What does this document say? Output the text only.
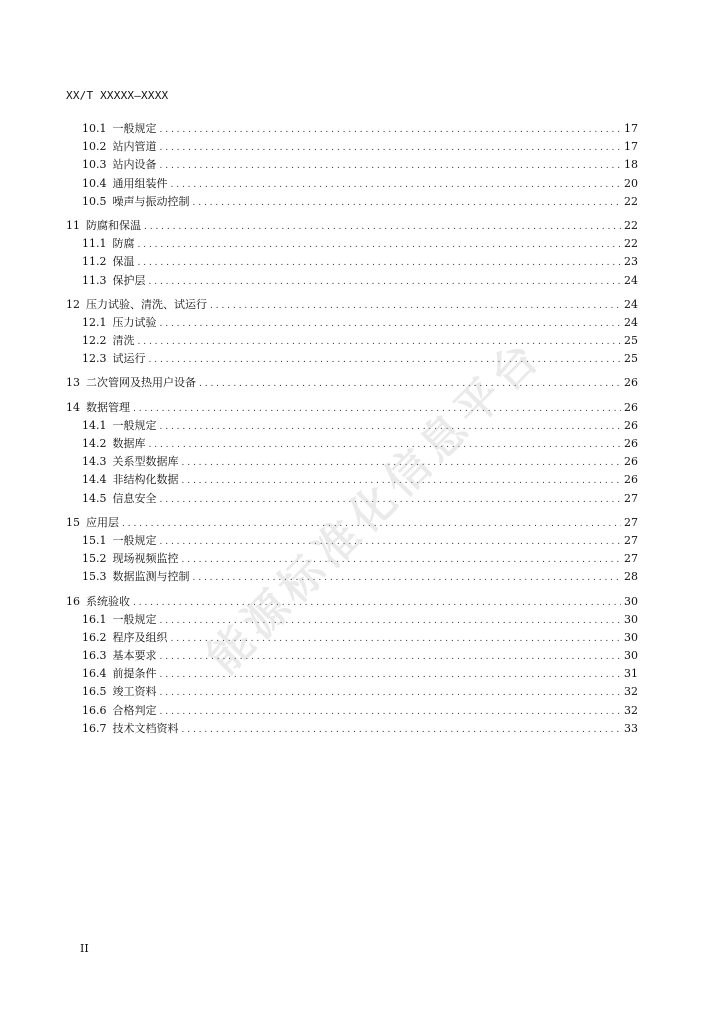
XX/T XXXXX—XXXX
10.1 一般规定 . . .	17
10.2 站内管道 . . .	17
10.3 站内设备 . . .	18
10.4 通用组装件 . . .	20
10.5 噪声与振动控制 . . .	22
11 防腐和保温 . . .	22
11.1 防腐 . . .	22
11.2 保温 . . .	23
11.3 保护层 . . .	24
12 压力试验、清洗、试运行 . . .	24
12.1 压力试验 . . .	24
12.2 清洗 . . .	25
12.3 试运行 . . .	25
13 二次管网及热用户设备 . . .	26
14 数据管理 . . .	26
14.1 一般规定 . . .	26
14.2 数据库 . . .	26
14.3 关系型数据库 . . .	26
14.4 非结构化数据 . . .	26
14.5 信息安全 . . .	27
15 应用层 . . .	27
15.1 一般规定 . . .	27
15.2 现场视频监控 . . .	27
15.3 数据监测与控制 . . .	28
16 系统验收 . . .	30
16.1 一般规定 . . .	30
16.2 程序及组织 . . .	30
16.3 基本要求 . . .	30
16.4 前提条件 . . .	31
16.5 竣工资料 . . .	32
16.6 合格判定 . . .	32
16.7 技术文档资料 . . .	33
II
能源标准化信息平台
